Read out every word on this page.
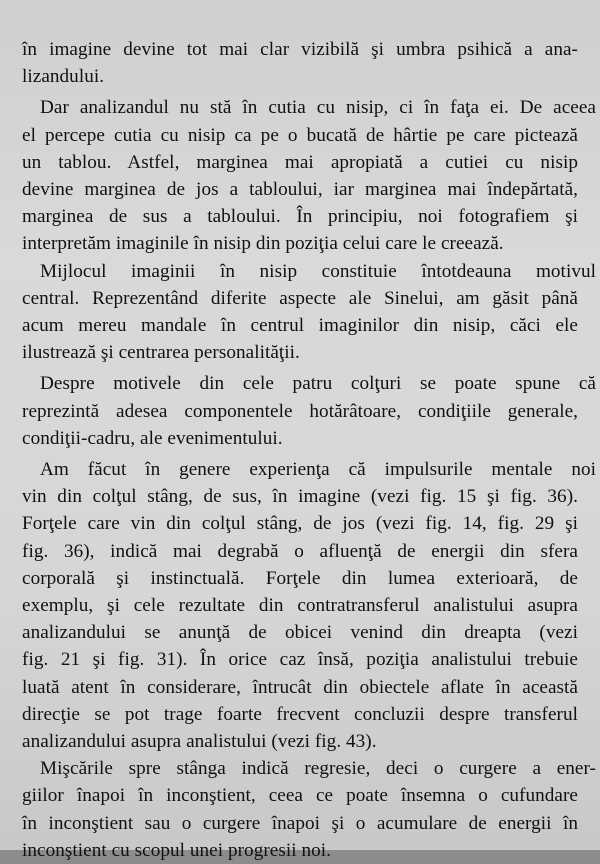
în imagine devine tot mai clar vizibilă şi umbra psihică a ana-
lizandului.
Dar analizandul nu stă în cutia cu nisip, ci în faţa ei. De aceea
el percepe cutia cu nisip ca pe o bucată de hârtie pe care pictează
un tablou. Astfel, marginea mai apropiată a cutiei cu nisip
devine marginea de jos a tabloului, iar marginea mai îndepărtată,
marginea de sus a tabloului. În principiu, noi fotografiem şi
interpretăm imaginile în nisip din poziţia celui care le creează.
Mijlocul imaginii în nisip constituie întotdeauna motivul
central. Reprezentând diferite aspecte ale Sinelui, am găsit până
acum mereu mandale în centrul imaginilor din nisip, căci ele
ilustrează şi centrarea personalităţii.
Despre motivele din cele patru colţuri se poate spune că
reprezintă adesea componentele hotărâtoare, condiţiile generale,
condiţii-cadru, ale evenimentului.
Am făcut în genere experienţa că impulsurile mentale noi
vin din colţul stâng, de sus, în imagine (vezi fig. 15 şi fig. 36).
Forţele care vin din colţul stâng, de jos (vezi fig. 14, fig. 29 şi
fig. 36), indică mai degrabă o afluenţă de energii din sfera
corporală şi instinctuală. Forţele din lumea exterioară, de
exemplu, şi cele rezultate din contratransferul analistului asupra
analizandului se anunţă de obicei venind din dreapta (vezi
fig. 21 şi fig. 31). În orice caz însă, poziţia analistului trebuie
luată atent în considerare, întrucât din obiectele aflate în această
direcţie se pot trage foarte frecvent concluzii despre transferul
analizandului asupra analistului (vezi fig. 43).
Mişcările spre stânga indică regresie, deci o curgere a ener-
giilor înapoi în inconştient, ceea ce poate însemna o cufundare
în inconştient sau o curgere înapoi şi o acumulare de energii în
inconştient cu scopul unei progresii noi.
